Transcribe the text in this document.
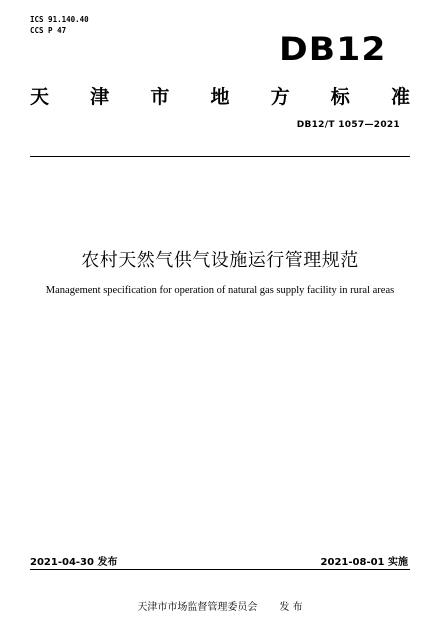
ICS 91.140.40
CCS P 47	DB12
天 津 市 地 方 标 准
DB12/T 1057—2021
农村天然气供气设施运行管理规范
Management specification for operation of natural gas supply facility in rural areas
2021-04-30 发布	2021-08-01 实施
天津市市场监督管理委员会 发 布
